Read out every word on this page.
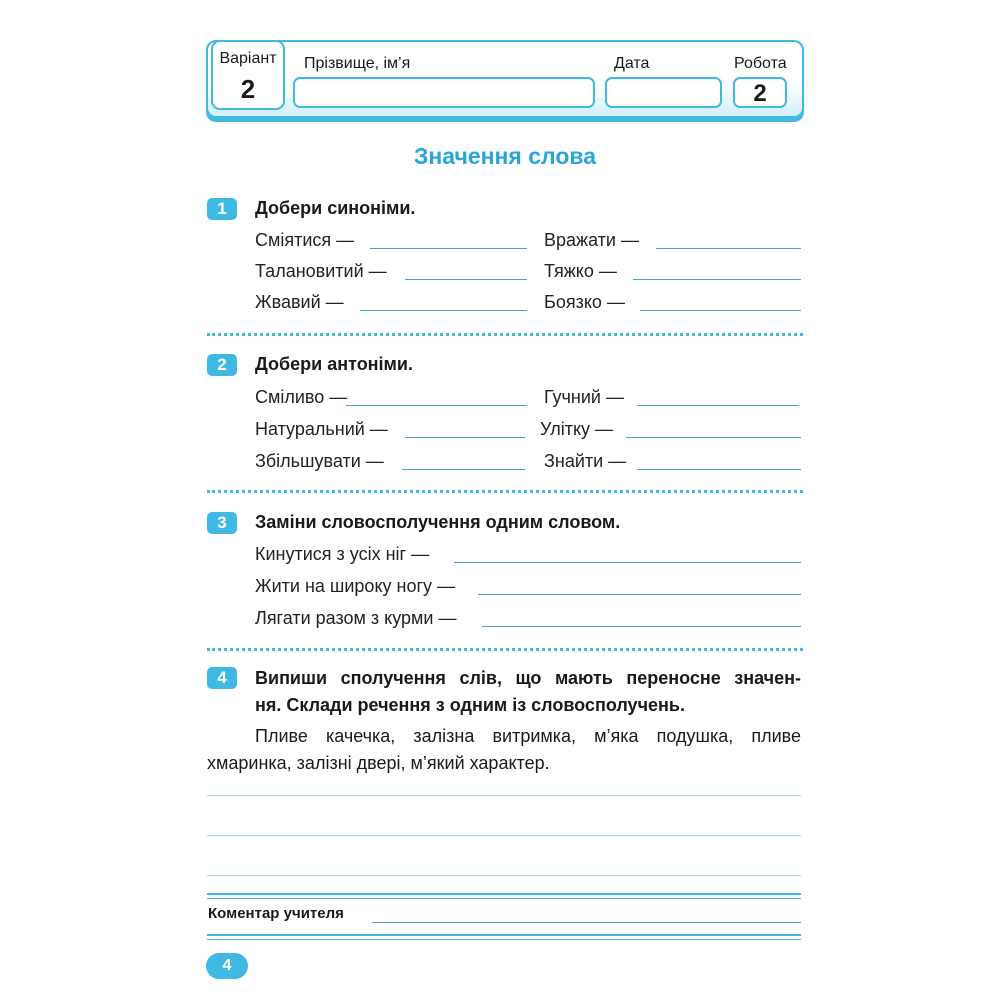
Варіант
2
Прізвище, ім’я	Дата	Робота
2
Значення слова
1	Добери синоніми.
Сміятися —	Вражати —
Талановитий —	Тяжко —
Жвавий —	Боязко —
2	Добери антоніми.
Сміливо —	Гучний —
Натуральний —	Улітку —
Збільшувати —	Знайти —
3	Заміни словосполучення одним словом.
Кинутися з усіх ніг —
Жити на широку ногу —
Лягати разом з курми —
4	Випиши сполучення слів, що мають переносне значен-

ня. Склади речення з одним із словосполучень.

Пливе качечка, залізна витримка, м’яка подушка, пливе

хмаринка, залізні двері, м’який характер.

Коментар учителя
4
